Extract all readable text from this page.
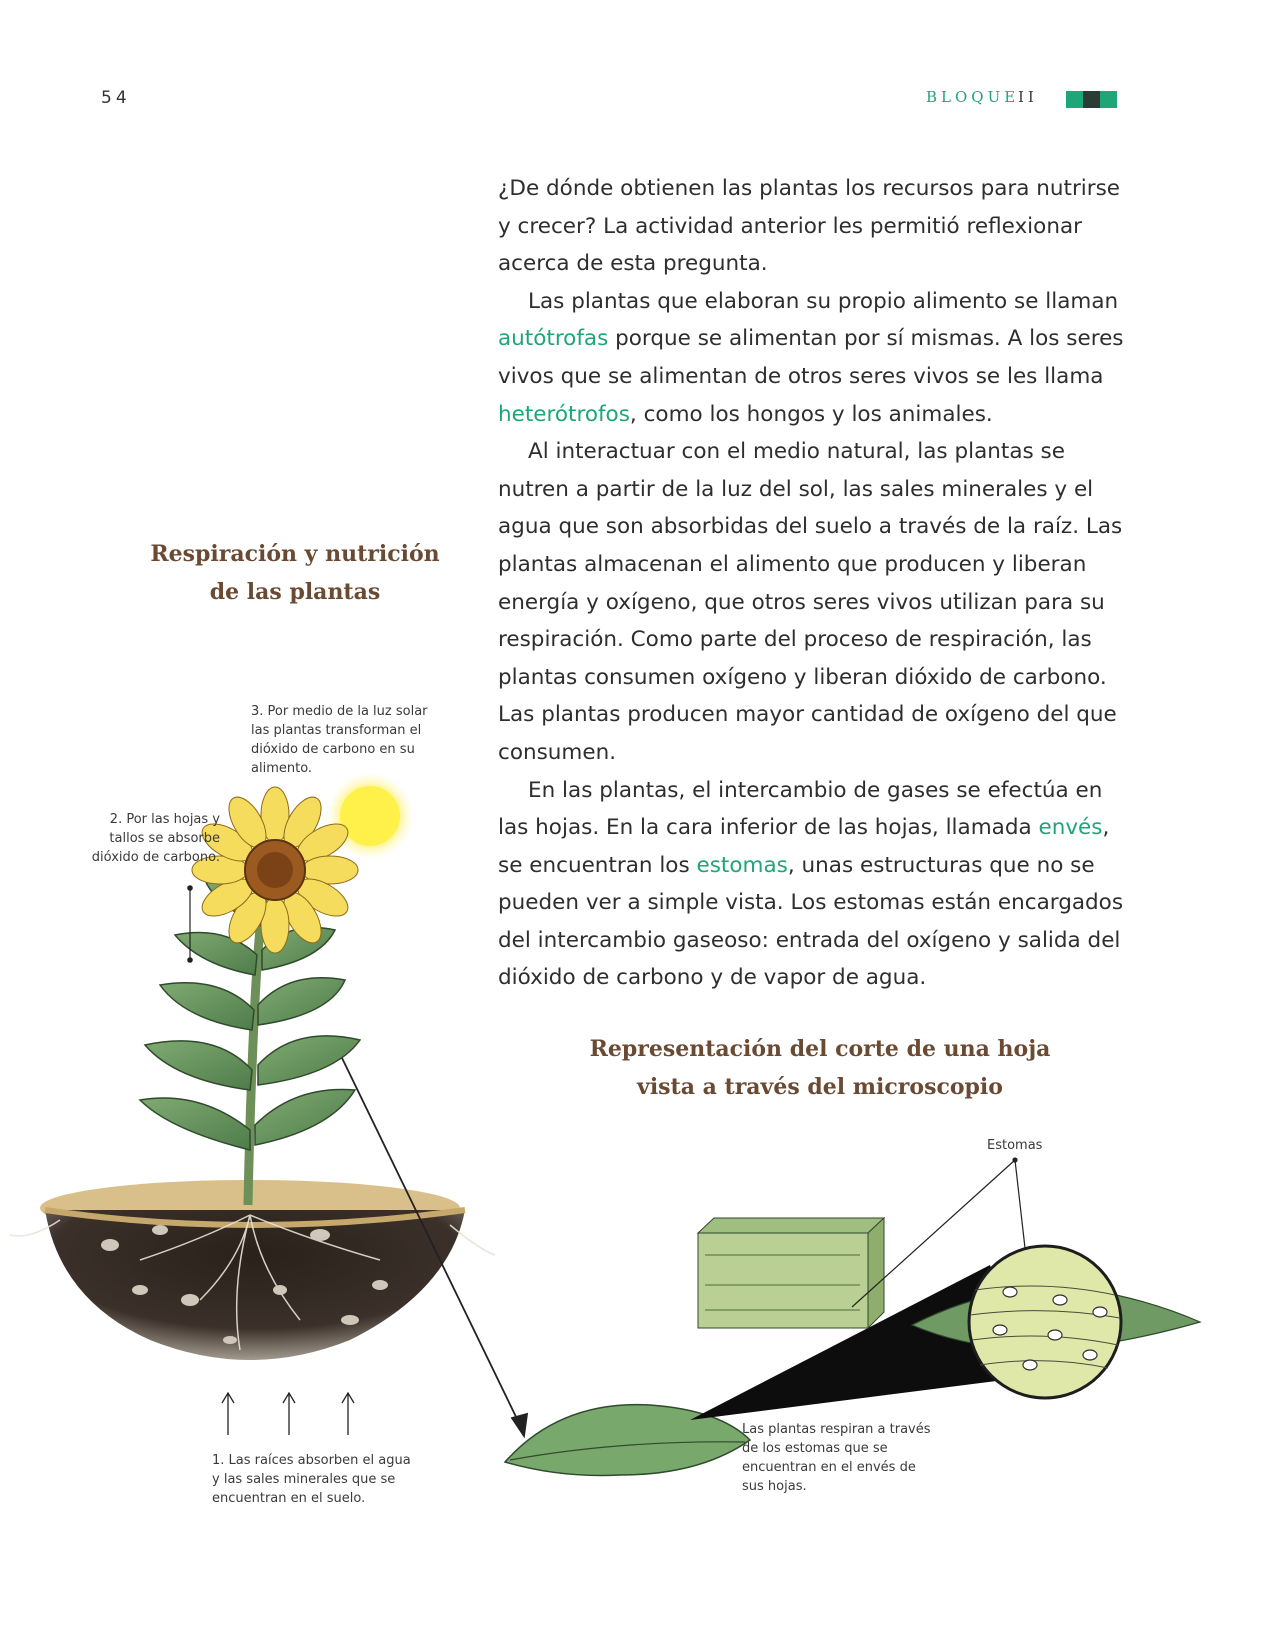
54	BLOQUE
II

¿De dónde obtienen las plantas los recursos para nutrirse y crecer? La actividad anterior les permitió reflexionar acerca de esta pregunta.

Las plantas que elaboran su propio alimento se llaman autótrofas porque se alimentan por sí mismas. A los seres vivos que se alimentan de otros seres vivos se les llama heterótrofos, como los hongos y los animales.

Al interactuar con el medio natural, las plantas se nutren a partir de la luz del sol, las sales minerales y el agua que son absorbidas del suelo a través de la raíz. Las plantas almacenan el alimento que producen y liberan energía y oxígeno, que otros seres vivos utilizan para su respiración. Como parte del proceso de respiración, las plantas consumen oxígeno y liberan dióxido de carbono. Las plantas producen mayor cantidad de oxígeno del que consumen.

En las plantas, el intercambio de gases se efectúa en las hojas. En la cara inferior de las hojas, llamada envés, se encuentran los estomas, unas estructuras que no se pueden ver a simple vista. Los estomas están encargados del intercambio gaseoso: entrada del oxígeno y salida del dióxido de carbono y de vapor de agua.

Respiración y nutrición
de las plantas
Representación del corte de una hoja
vista a través del microscopio
3. Por medio de la luz solar las plantas transforman el dióxido de carbono en su alimento.
2. Por las hojas y tallos se absorbe dióxido de carbono.
1. Las raíces absorben el agua y las sales minerales que se encuentran en el suelo.
Estomas
Las plantas respiran a través de los estomas que se encuentran en el envés de sus hojas.
